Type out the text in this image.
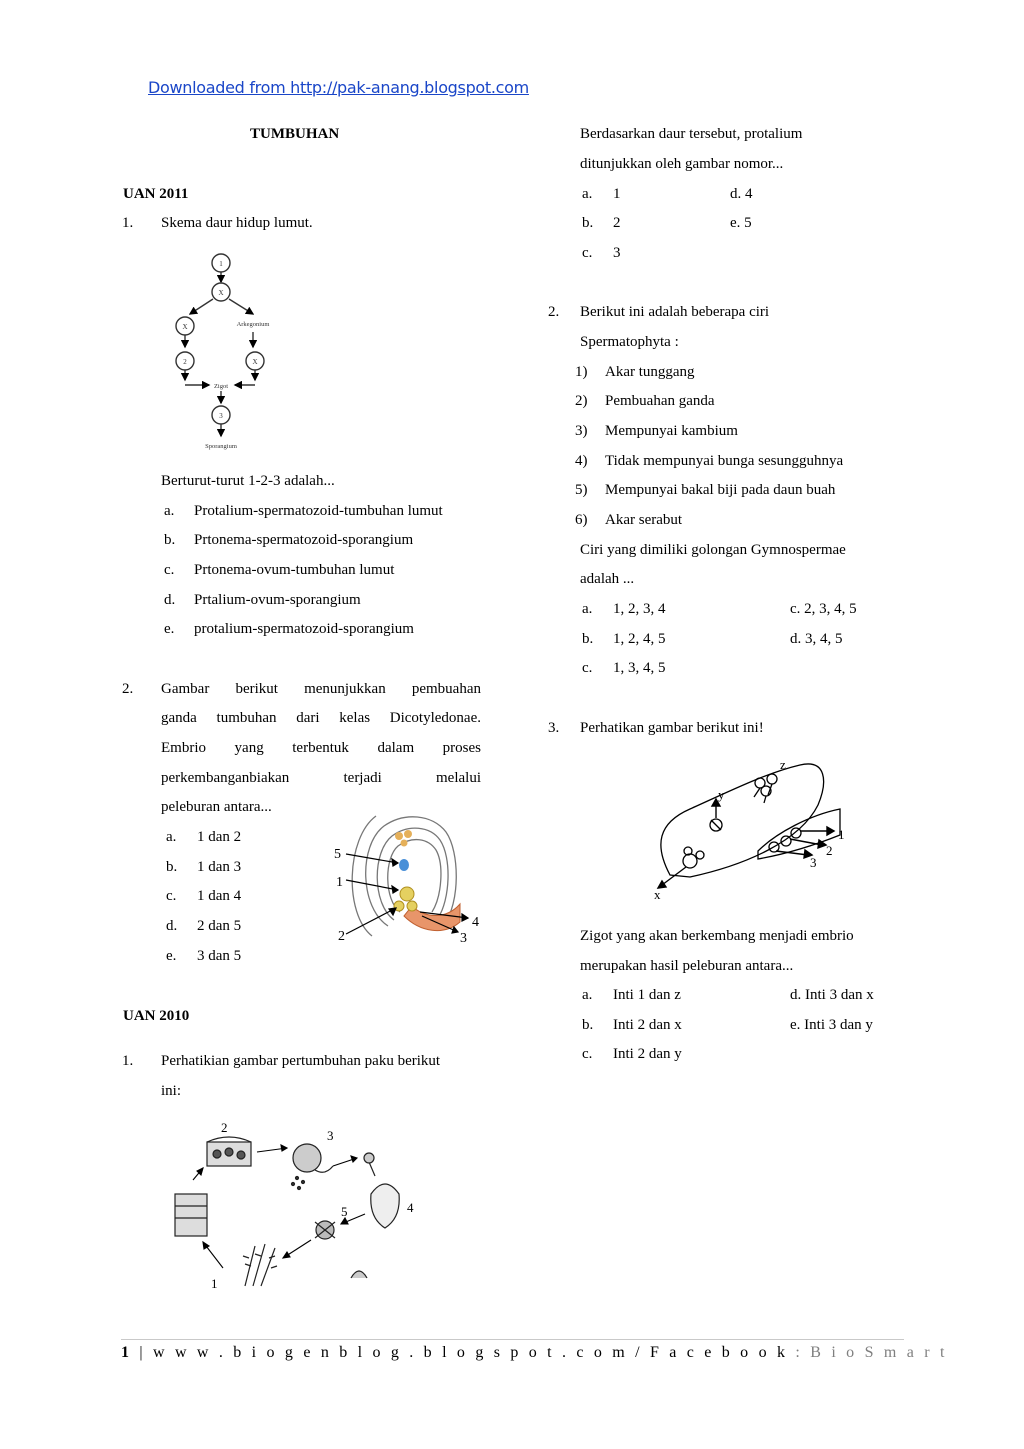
Downloaded from http://pak-anang.blogspot.com
TUMBUHAN
UAN 2011
1. Skema daur hidup lumut.
1
X
X	Arkegonium
2	X
Zigot
3
Sporangium
Berturut-turut 1-2-3 adalah...
a. Protalium-spermatozoid-tumbuhan lumut
b. Prtonema-spermatozoid-sporangium
c. Prtonema-ovum-tumbuhan lumut
d. Prtalium-ovum-sporangium
e. protalium-spermatozoid-sporangium
2. Gambar berikut menunjukkan pembuahan
ganda tumbuhan dari kelas Dicotyledonae.
Embrio yang terbentuk dalam proses
perkembanganbiakan terjadi melalui
peleburan antara...
a. 1 dan 2
b. 1 dan 3
c. 1 dan 4
d. 2 dan 5
e. 3 dan 5
5
1
2
4
3
UAN 2010
1. Perhatikian gambar pertumbuhan paku berikut
ini:
2
3
4
5
1
Berdasarkan daur tersebut, protalium
ditunjukkan oleh gambar nomor...
a. 1	d. 4
b. 2	e. 5
c. 3
2. Berikut ini adalah beberapa ciri
Spermatophyta :
1) Akar tunggang
2) Pembuahan ganda
3) Mempunyai kambium
4) Tidak mempunyai bunga sesungguhnya
5) Mempunyai bakal biji pada daun buah
6) Akar serabut
Ciri yang dimiliki golongan Gymnospermae
adalah ...
a. 1, 2, 3, 4	c. 2, 3, 4, 5
b. 1, 2, 4, 5	d. 3, 4, 5
c. 1, 3, 4, 5
3. Perhatikan gambar berikut ini!
z
y
x
1
2
3
Zigot yang akan berkembang menjadi embrio
merupakan hasil peleburan antara...
a. Inti 1 dan z	d. Inti 3 dan x
b. Inti 2 dan x	e. Inti 3 dan y
c. Inti 2 dan y
1 | w w w . b i o g e n b l o g . b l o g s p o t . c o m / F a c e b o o k : B i o S m a r t
